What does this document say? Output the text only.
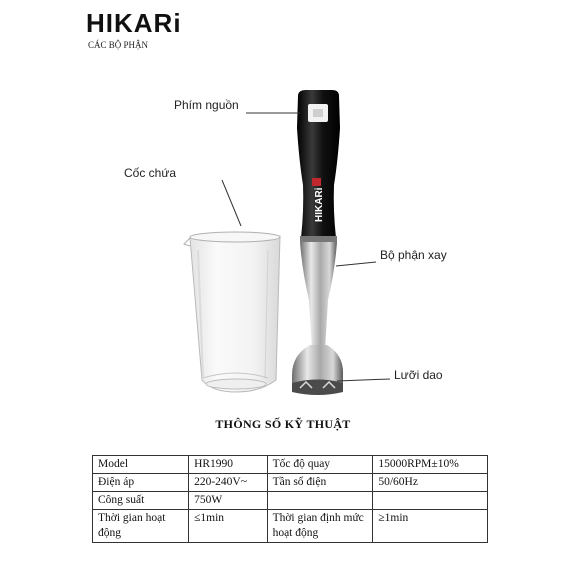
HIKARi
CÁC BỘ PHẬN
HIKARi
Phím nguồn
Cốc chứa
Bộ phận xay
Lưỡi dao
THÔNG SỐ KỸ THUẬT
Model	HR1990	Tốc độ quay	15000RPM±10%
Điện áp	220-240V~	Tần số điện	50/60Hz
Công suất	750W		
Thời gian hoạt động	≤1min	Thời gian định mức hoạt động	≥1min
